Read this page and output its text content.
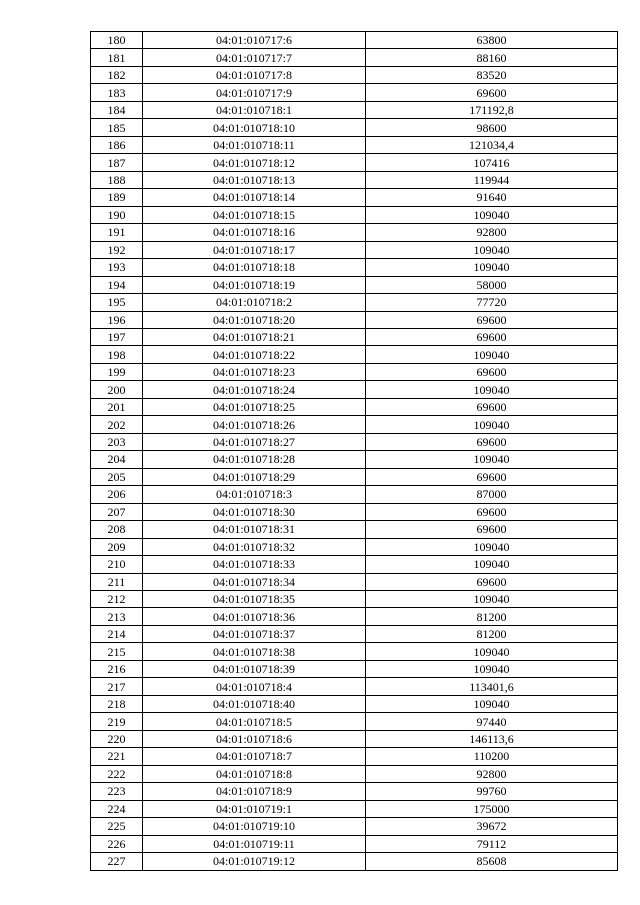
180	04:01:010717:6	63800
181	04:01:010717:7	88160
182	04:01:010717:8	83520
183	04:01:010717:9	69600
184	04:01:010718:1	171192,8
185	04:01:010718:10	98600
186	04:01:010718:11	121034,4
187	04:01:010718:12	107416
188	04:01:010718:13	119944
189	04:01:010718:14	91640
190	04:01:010718:15	109040
191	04:01:010718:16	92800
192	04:01:010718:17	109040
193	04:01:010718:18	109040
194	04:01:010718:19	58000
195	04:01:010718:2	77720
196	04:01:010718:20	69600
197	04:01:010718:21	69600
198	04:01:010718:22	109040
199	04:01:010718:23	69600
200	04:01:010718:24	109040
201	04:01:010718:25	69600
202	04:01:010718:26	109040
203	04:01:010718:27	69600
204	04:01:010718:28	109040
205	04:01:010718:29	69600
206	04:01:010718:3	87000
207	04:01:010718:30	69600
208	04:01:010718:31	69600
209	04:01:010718:32	109040
210	04:01:010718:33	109040
211	04:01:010718:34	69600
212	04:01:010718:35	109040
213	04:01:010718:36	81200
214	04:01:010718:37	81200
215	04:01:010718:38	109040
216	04:01:010718:39	109040
217	04:01:010718:4	113401,6
218	04:01:010718:40	109040
219	04:01:010718:5	97440
220	04:01:010718:6	146113,6
221	04:01:010718:7	110200
222	04:01:010718:8	92800
223	04:01:010718:9	99760
224	04:01:010719:1	175000
225	04:01:010719:10	39672
226	04:01:010719:11	79112
227	04:01:010719:12	85608
